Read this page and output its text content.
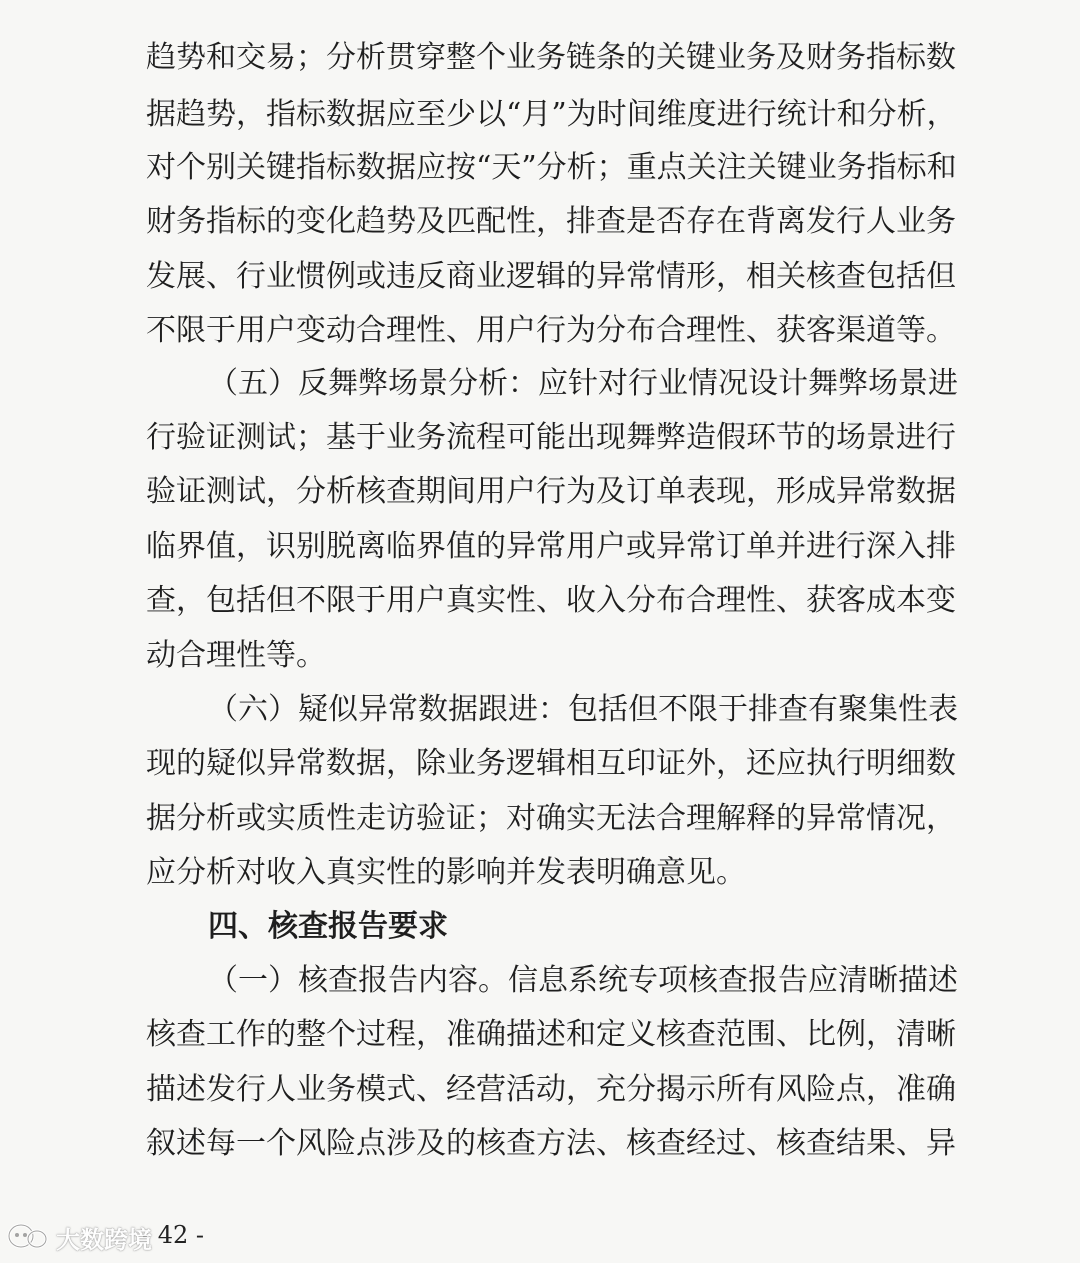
趋势和交易；分析贯穿整个业务链条的关键业务及财务指标数
据趋势，指标数据应至少以“月”为时间维度进行统计和分析，
对个别关键指标数据应按“天”分析；重点关注关键业务指标和
财务指标的变化趋势及匹配性，排查是否存在背离发行人业务
发展、行业惯例或违反商业逻辑的异常情形，相关核查包括但
不限于用户变动合理性、用户行为分布合理性、获客渠道等。
（五）反舞弊场景分析：应针对行业情况设计舞弊场景进
行验证测试；基于业务流程可能出现舞弊造假环节的场景进行
验证测试，分析核查期间用户行为及订单表现，形成异常数据
临界值，识别脱离临界值的异常用户或异常订单并进行深入排
查，包括但不限于用户真实性、收入分布合理性、获客成本变
动合理性等。
（六）疑似异常数据跟进：包括但不限于排查有聚集性表
现的疑似异常数据，除业务逻辑相互印证外，还应执行明细数
据分析或实质性走访验证；对确实无法合理解释的异常情况，
应分析对收入真实性的影响并发表明确意见。
四、核查报告要求
（一）核查报告内容。信息系统专项核查报告应清晰描述
核查工作的整个过程，准确描述和定义核查范围、比例，清晰
描述发行人业务模式、经营活动，充分揭示所有风险点，准确
叙述每一个风险点涉及的核查方法、核查经过、核查结果、异
- 42 -
大数跨境
